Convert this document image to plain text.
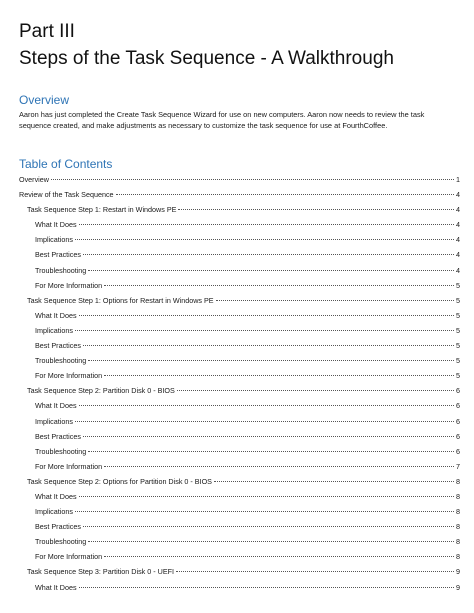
Part III
Steps of the Task Sequence - A Walkthrough
Overview

Aaron has just completed the Create Task Sequence Wizard for use on new computers. Aaron now needs to review the task

sequence created, and make adjustments as necessary to customize the task sequence for use at FourthCoffee.

Table of Contents
Overview	1
Review of the Task Sequence	4
Task Sequence Step 1: Restart in Windows PE	4
What It Does	4
Implications	4
Best Practices	4
Troubleshooting	4
For More Information	5
Task Sequence Step 1: Options for Restart in Windows PE	5
What It Does	5
Implications	5
Best Practices	5
Troubleshooting	5
For More Information	5
Task Sequence Step 2: Partition Disk 0 - BIOS	6
What It Does	6
Implications	6
Best Practices	6
Troubleshooting	6
For More Information	7
Task Sequence Step 2: Options for Partition Disk 0 - BIOS	8
What It Does	8
Implications	8
Best Practices	8
Troubleshooting	8
For More Information	8
Task Sequence Step 3: Partition Disk 0 - UEFI	9
What It Does	9
